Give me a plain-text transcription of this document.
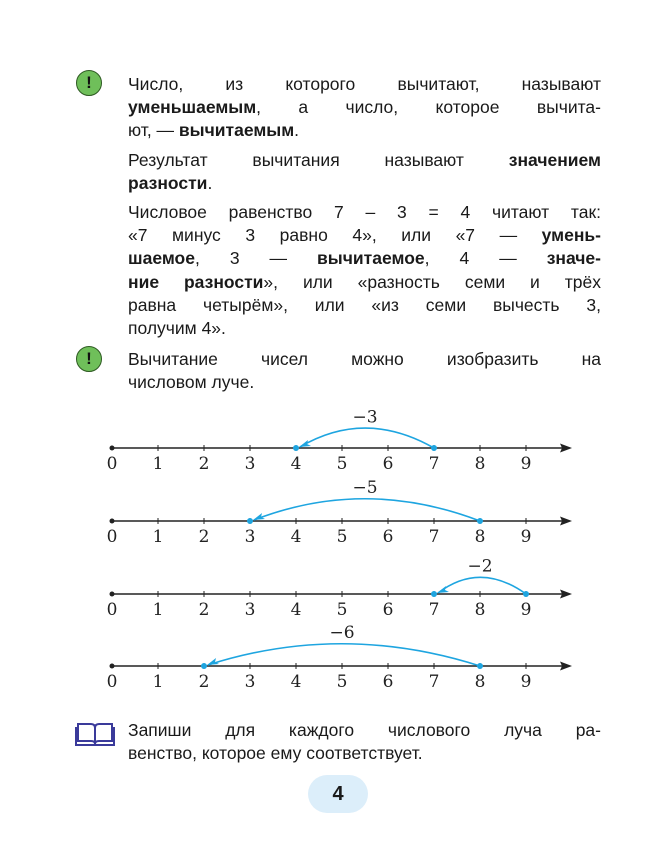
!	Число, из которого вычитают, называют
уменьшаемым, а число, которое вычита-
ют, — вычитаемым.
Результат вычитания называют значением
разности.
Числовое равенство 7 – 3 = 4 читают так:
«7 минус 3 равно 4», или «7 — умень-
шаемое, 3 — вычитаемое, 4 — значе-
ние разности», или «разность семи и трёх
равна четырём», или «из семи вычесть 3,
получим 4».
!	Вычитание чисел можно изобразить на
числовом луче.
0 1 2 3 4 5 6 7 8 9
−3
0 1 2 3 4 5 6 7 8 9
−5
0 1 2 3 4 5 6 7 8 9
−2
0 1 2 3 4 5 6 7 8 9
−6
Запиши для каждого числового луча ра-
венство, которое ему соответствует.
4
